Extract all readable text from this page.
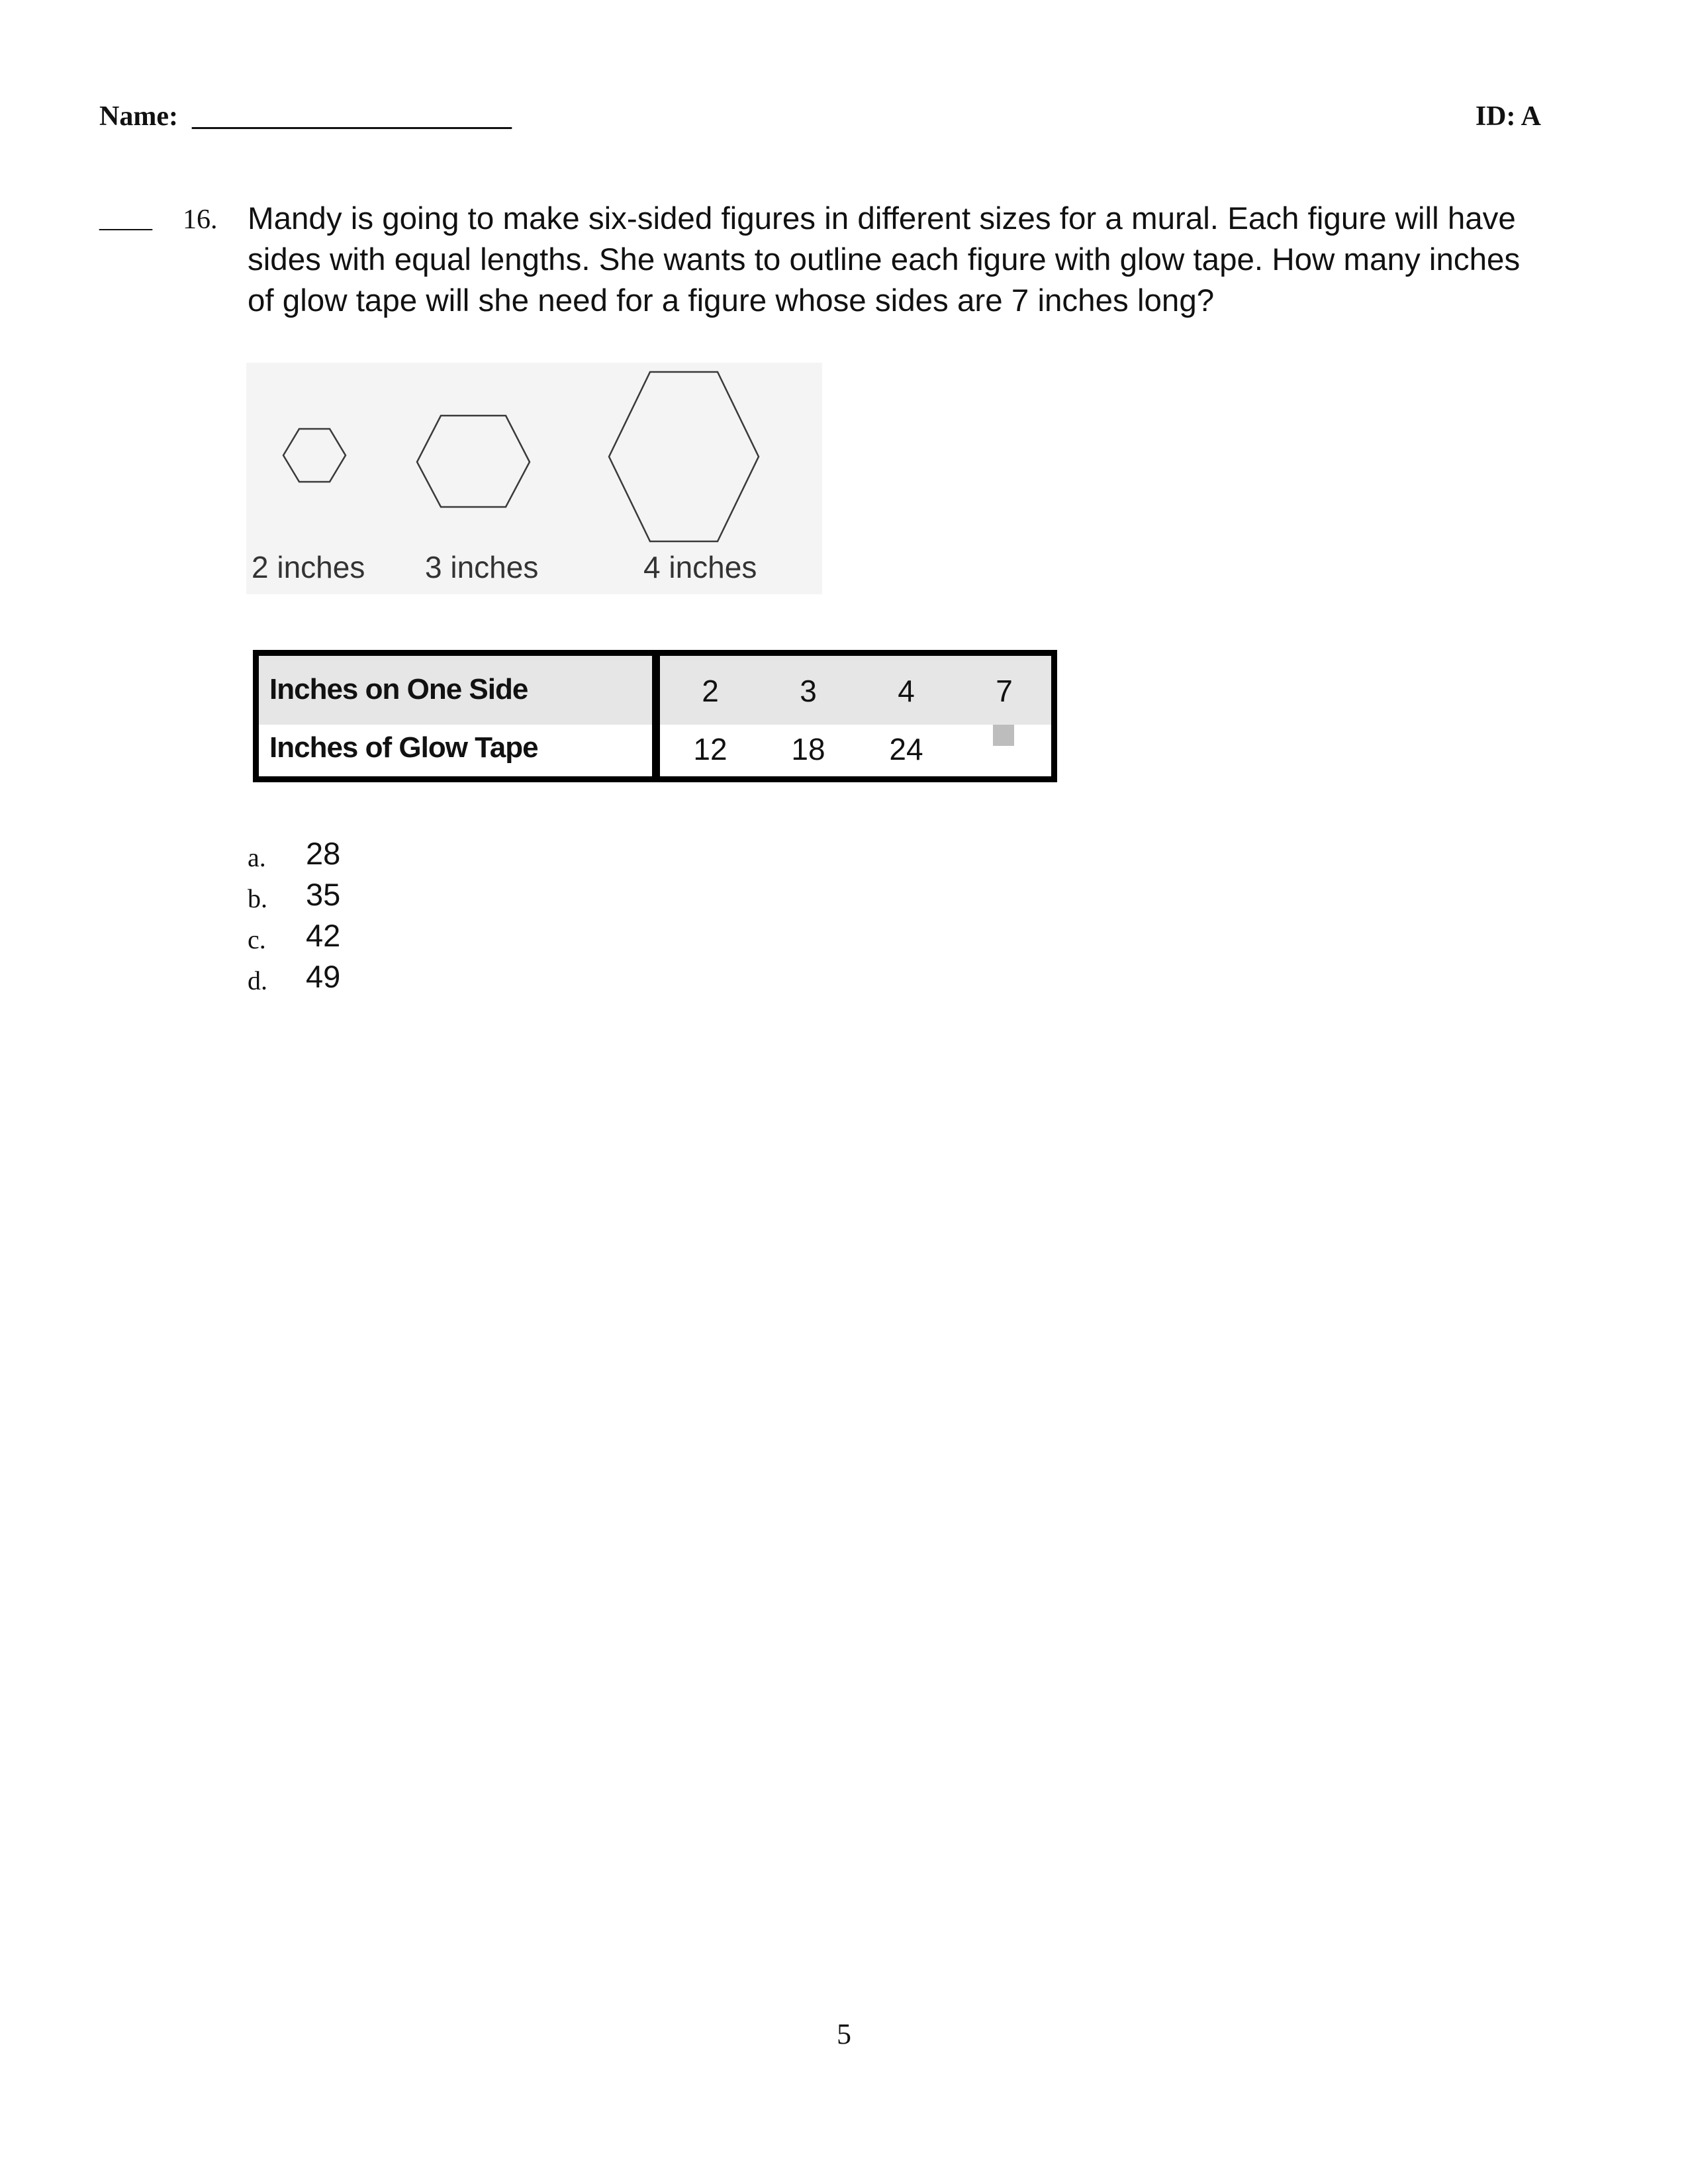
Name:  _______________________	ID: A
____ 16. Mandy is going to make six-sided figures in different sizes for a mural. Each figure will have sides with equal lengths. She wants to outline each figure with glow tape. How many inches of glow tape will she need for a figure whose sides are 7 inches long?
2 inches 3 inches	4 inches
Inches on One Side	2	3	4	7
Inches of Glow Tape	12	18	24
a. 28
b. 35
c. 42
d. 49
5
